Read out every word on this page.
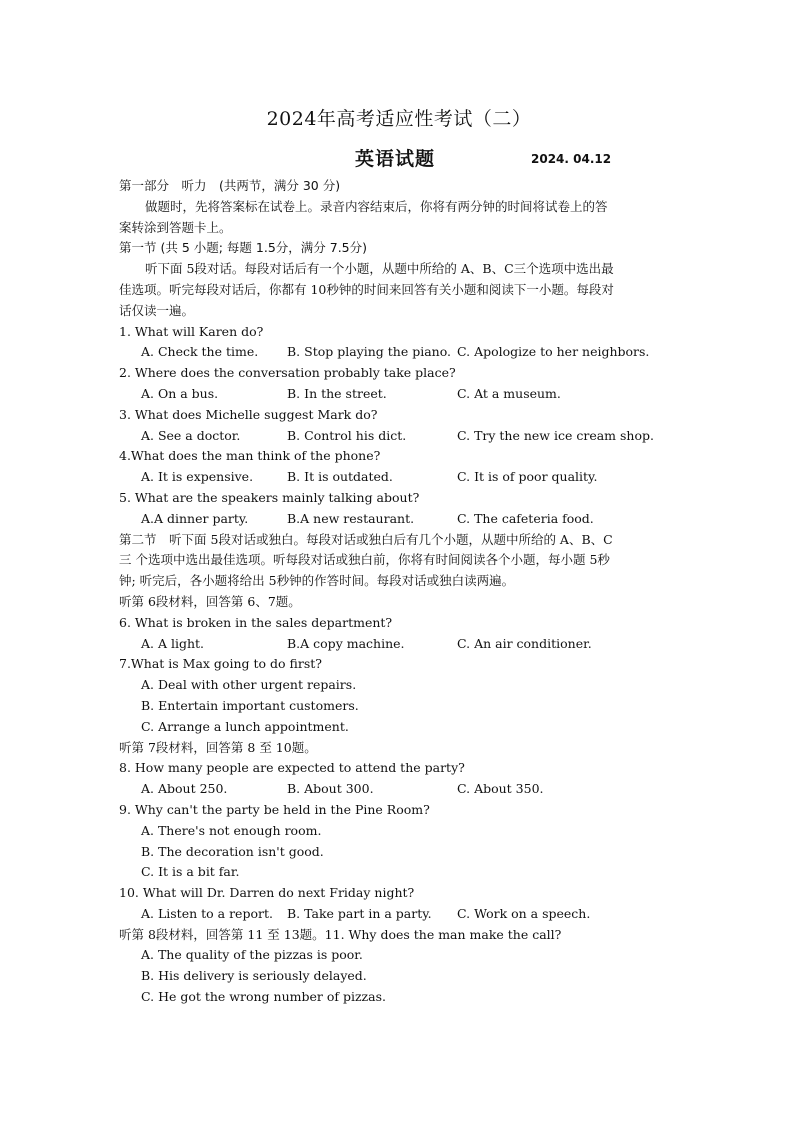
2024年高考适应性考试（二）
英语试题	2024. 04.12
第一部分　听力　(共两节，满分 30 分)
做题时，先将答案标在试卷上。录音内容结束后，你将有两分钟的时间将试卷上的答
案转涂到答题卡上。
第一节 (共 5 小题; 每题 1.5分，满分 7.5分)
听下面 5段对话。每段对话后有一个小题，从题中所给的 A、B、C三个选项中选出最
佳选项。听完每段对话后，你都有 10秒钟的时间来回答有关小题和阅读下一小题。每段对
话仅读一遍。
1. What will Karen do?
A. Check the time.	B. Stop playing the piano. C. Apologize to her neighbors.
2. Where does the conversation probably take place?
A. On a bus.	B. In the street.	C. At a museum.
3. What does Michelle suggest Mark do?
A. See a doctor.	B. Control his dict.	C. Try the new ice cream shop.
4.What does the man think of the phone?
A. It is expensive.	B. It is outdated.	C. It is of poor quality.
5. What are the speakers mainly talking about?
A.A dinner party.	B.A new restaurant.	C. The cafeteria food.
第二节　听下面 5段对话或独白。每段对话或独白后有几个小题，从题中所给的 A、B、C
三 个选项中选出最佳选项。听每段对话或独白前，你将有时间阅读各个小题，每小题 5秒
钟; 听完后，各小题将给出 5秒钟的作答时间。每段对话或独白读两遍。
听第 6段材料，回答第 6、7题。
6. What is broken in the sales department?
A. A light.	B.A copy machine.	C. An air conditioner.
7.What is Max going to do first?
A. Deal with other urgent repairs.
B. Entertain important customers.
C. Arrange a lunch appointment.
听第 7段材料，回答第 8 至 10题。
8. How many people are expected to attend the party?
A. About 250.	B. About 300.	C. About 350.
9. Why can't the party be held in the Pine Room?
A. There's not enough room.
B. The decoration isn't good.
C. It is a bit far.
10. What will Dr. Darren do next Friday night?
A. Listen to a report.	B. Take part in a party.	C. Work on a speech.
听第 8段材料，回答第 11 至 13题。11. Why does the man make the call?
A. The quality of the pizzas is poor.
B. His delivery is seriously delayed.
C. He got the wrong number of pizzas.
